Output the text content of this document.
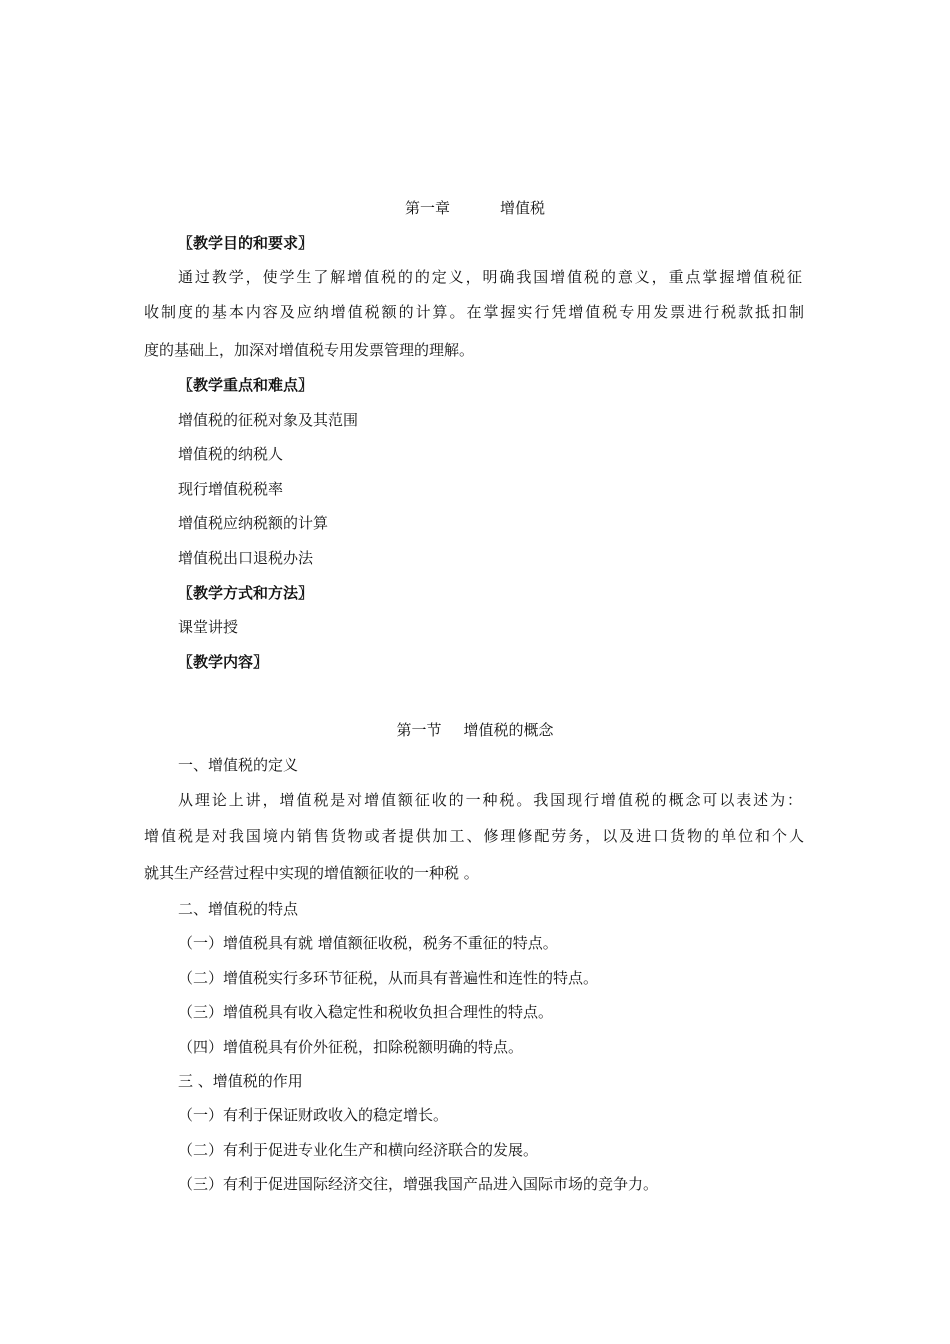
第一章	增值税
〖教学目的和要求〗
通过教学，使学生了解增值税的的定义，明确我国增值税的意义，重点掌握增值税征
收制度的基本内容及应纳增值税额的计算。在掌握实行凭增值税专用发票进行税款抵扣制
度的基础上，加深对增值税专用发票管理的理解。
〖教学重点和难点〗
增值税的征税对象及其范围
增值税的纳税人
现行增值税税率
增值税应纳税额的计算
增值税出口退税办法
〖教学方式和方法〗
课堂讲授
〖教学内容〗
第一节 增值税的概念
一、增值税的定义
从理论上讲，增值税是对增值额征收的一种税。我国现行增值税的概念可以表述为：
增值税是对我国境内销售货物或者提供加工、修理修配劳务，以及进口货物的单位和个人
就其生产经营过程中实现的增值额征收的一种税 。
二、增值税的特点
（一）增值税具有就 增值额征收税，税务不重征的特点。
（二）增值税实行多环节征税，从而具有普遍性和连性的特点。
（三）增值税具有收入稳定性和税收负担合理性的特点。
（四）增值税具有价外征税，扣除税额明确的特点。
三 、增值税的作用
（一）有利于保证财政收入的稳定增长。
（二）有利于促进专业化生产和横向经济联合的发展。
（三）有利于促进国际经济交往，增强我国产品进入国际市场的竞争力。
